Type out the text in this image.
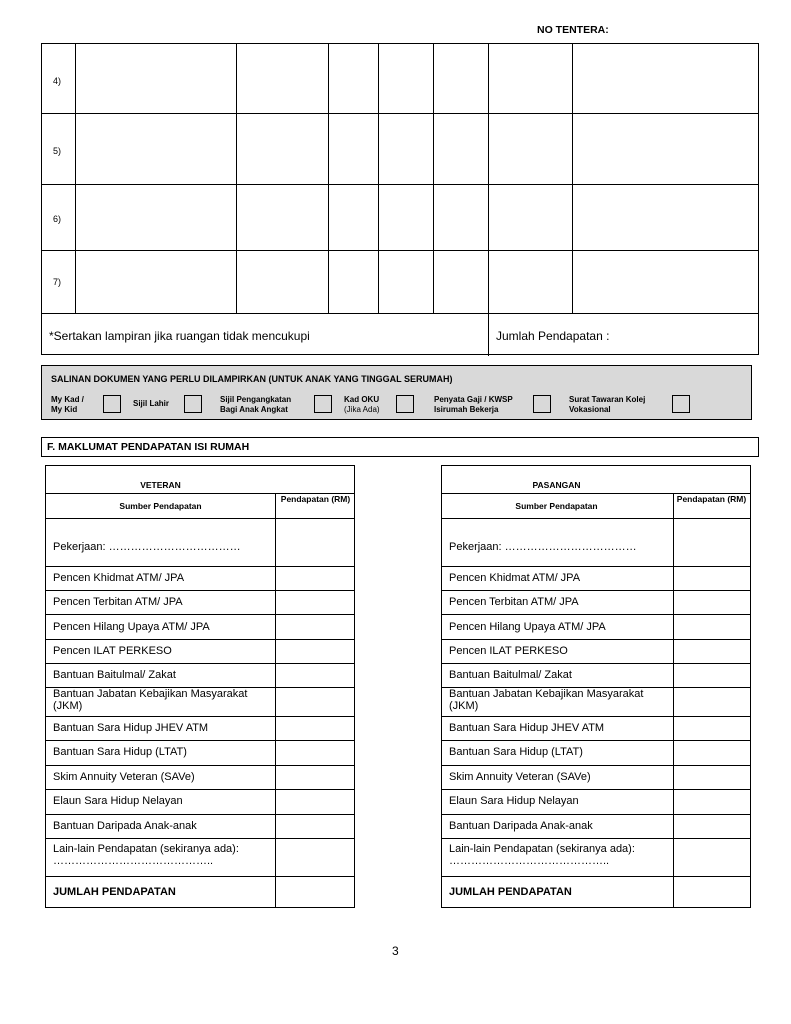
NO TENTERA:
4)
5)
6)
7)
*Sertakan lampiran jika ruangan tidak mencukupi	Jumlah Pendapatan :
SALINAN DOKUMEN YANG PERLU DILAMPIRKAN (UNTUK ANAK YANG TINGGAL SERUMAH)
My Kad /
My Kid
Sijil Lahir	Sijil Pengangkatan
Bagi Anak Angkat
Kad OKU
(Jika Ada)
Penyata Gaji / KWSP
Isirumah Bekerja
Surat Tawaran Kolej
Vokasional
F. MAKLUMAT PENDAPATAN ISI RUMAH
VETERAN
Sumber Pendapatan
Pendapatan (RM)
Pekerjaan: ………………………………
Pencen Khidmat ATM/ JPA
Pencen Terbitan ATM/ JPA
Pencen Hilang Upaya ATM/ JPA
Pencen ILAT PERKESO
Bantuan Baitulmal/ Zakat
Bantuan Jabatan Kebajikan Masyarakat (JKM)
Bantuan Sara Hidup JHEV ATM
Bantuan Sara Hidup (LTAT)
Skim Annuity Veteran (SAVe)
Elaun Sara Hidup Nelayan
Bantuan Daripada Anak-anak
Lain-lain Pendapatan (sekiranya ada): ……………………………………..
JUMLAH PENDAPATAN
PASANGAN
Sumber Pendapatan
Pendapatan (RM)
Pekerjaan: ………………………………
Pencen Khidmat ATM/ JPA
Pencen Terbitan ATM/ JPA
Pencen Hilang Upaya ATM/ JPA
Pencen ILAT PERKESO
Bantuan Baitulmal/ Zakat
Bantuan Jabatan Kebajikan Masyarakat (JKM)
Bantuan Sara Hidup JHEV ATM
Bantuan Sara Hidup (LTAT)
Skim Annuity Veteran (SAVe)
Elaun Sara Hidup Nelayan
Bantuan Daripada Anak-anak
Lain-lain Pendapatan (sekiranya ada): ……………………………………..
JUMLAH PENDAPATAN
3
